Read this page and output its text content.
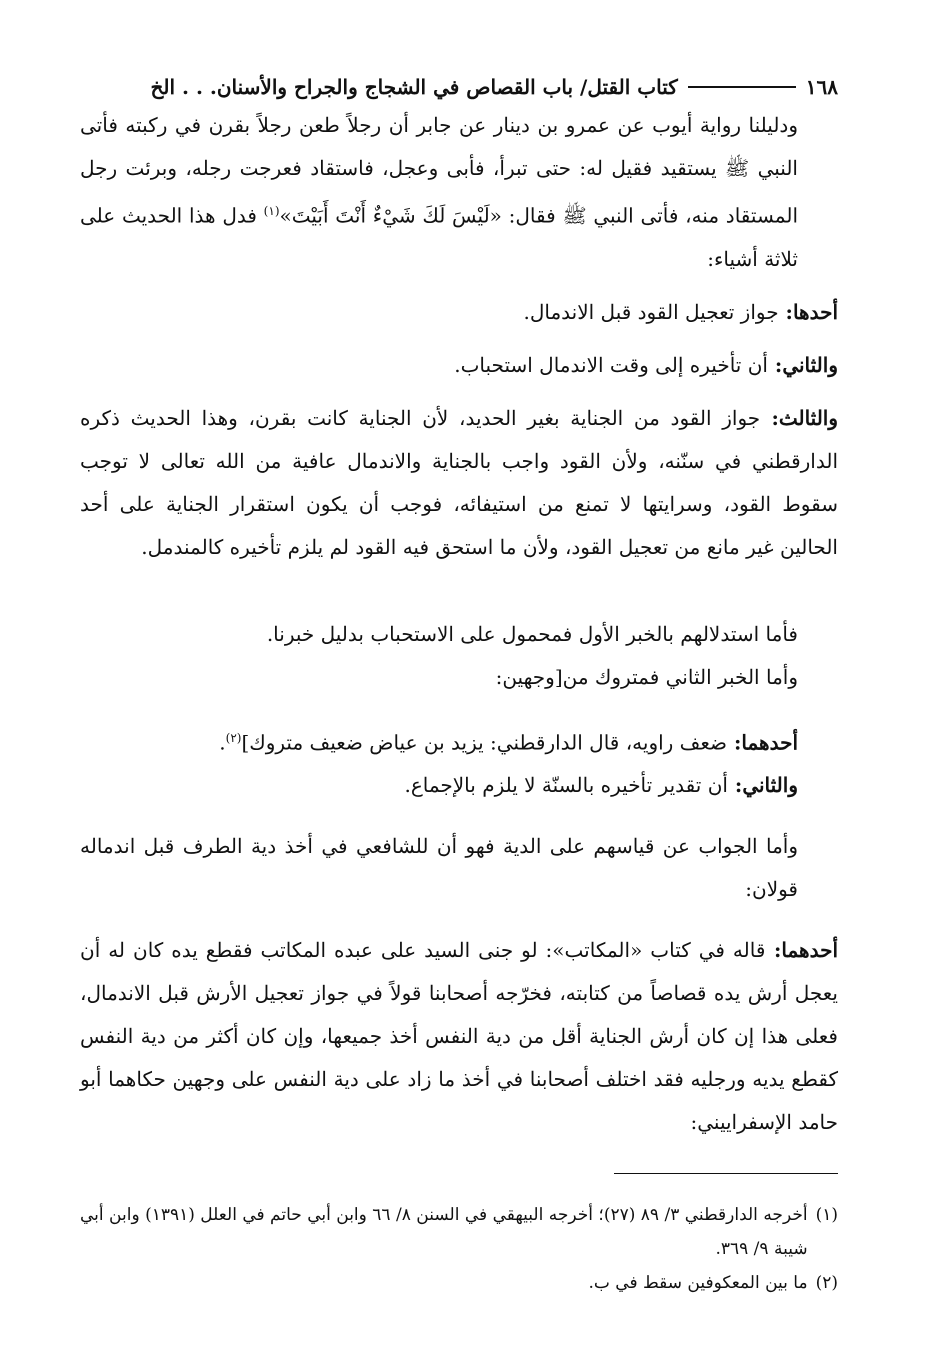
١٦٨
كتاب القتل/ باب القصاص في الشجاج والجراح والأسنان. . . الخ

ودليلنا رواية أيوب عن عمرو بن دينار عن جابر أن رجلاً طعن رجلاً بقرن في ركبته فأتى النبي ﷺ يستقيد فقيل له: حتى تبرأ، فأبى وعجل، فاستقاد فعرجت رجله، وبرئت رجل المستقاد منه، فأتى النبي ﷺ فقال: «لَيْسَ لَكَ شَيْءٌ أَنْتَ أَبَيْتَ»$^{(١)}$ فدل هذا الحديث على ثلاثة أشياء:

أحدها: جواز تعجيل القود قبل الاندمال.

والثاني: أن تأخيره إلى وقت الاندمال استحباب.

والثالث: جواز القود من الجناية بغير الحديد، لأن الجناية كانت بقرن، وهذا الحديث ذكره الدارقطني في سنّنه، ولأن القود واجب بالجناية والاندمال عافية من الله تعالى لا توجب سقوط القود، وسرايتها لا تمنع من استيفائه، فوجب أن يكون استقرار الجناية على أحد الحالين غير مانع من تعجيل القود، ولأن ما استحق فيه القود لم يلزم تأخيره كالمندمل.

فأما استدلالهم بالخبر الأول فمحمول على الاستحباب بدليل خبرنا.

وأما الخبر الثاني فمتروك من[وجهين:

أحدهما: ضعف راويه، قال الدارقطني: يزيد بن عياض ضعيف متروك]$^{(٢)}$.

والثاني: أن تقدير تأخيره بالسنّة لا يلزم بالإجماع.

وأما الجواب عن قياسهم على الدية فهو أن للشافعي في أخذ دية الطرف قبل اندماله قولان:

أحدهما: قاله في كتاب «المكاتب»: لو جنى السيد على عبده المكاتب فقطع يده كان له أن يعجل أرش يده قصاصاً من كتابته، فخرّجه أصحابنا قولاً في جواز تعجيل الأرش قبل الاندمال، فعلى هذا إن كان أرش الجناية أقل من دية النفس أخذ جميعها، وإن كان أكثر من دية النفس كقطع يديه ورجليه فقد اختلف أصحابنا في أخذ ما زاد على دية النفس على وجهين حكاهما أبو حامد الإسفراييني:

(١)
أخرجه الدارقطني ٣/ ٨٩ (٢٧)؛ أخرجه البيهقي في السنن ٨/ ٦٦ وابن أبي حاتم في العلل (١٣٩١) وابن أبي شيبة ٩/ ٣٦٩.
(٢)
ما بين المعكوفين سقط في ب.
